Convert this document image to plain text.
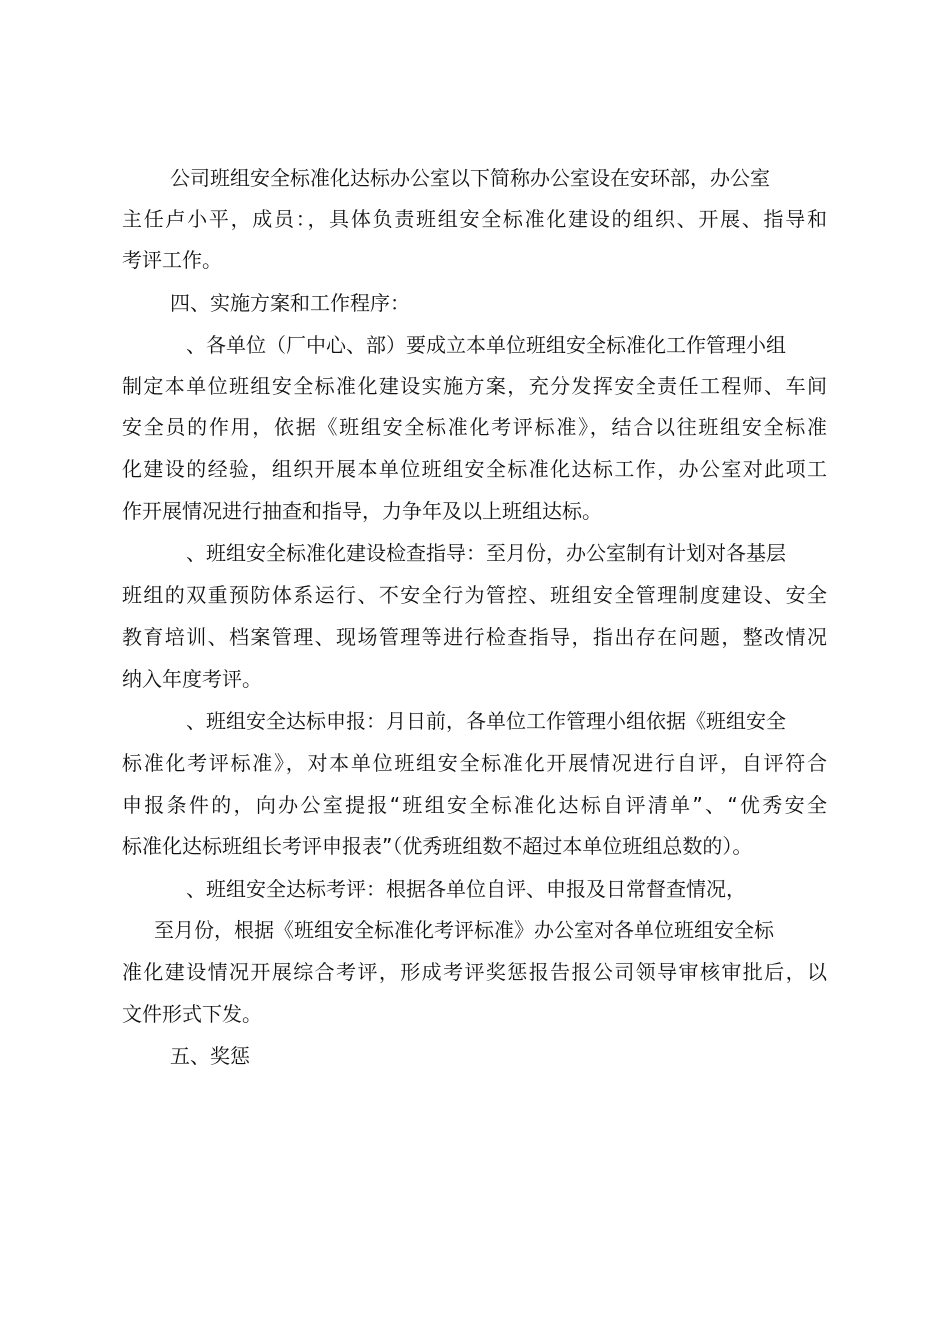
公司班组安全标准化达标办公室以下简称办公室设在安环部，办公室
主任卢小平，成员：，具体负责班组安全标准化建设的组织、开展、指导和
考评工作。
四、实施方案和工作程序：
、各单位（厂中心、部）要成立本单位班组安全标准化工作管理小组
制定本单位班组安全标准化建设实施方案，充分发挥安全责任工程师、车间
安全员的作用，依据《班组安全标准化考评标准》，结合以往班组安全标准
化建设的经验，组织开展本单位班组安全标准化达标工作，办公室对此项工
作开展情况进行抽查和指导，力争年及以上班组达标。
、班组安全标准化建设检查指导：至月份，办公室制有计划对各基层
班组的双重预防体系运行、不安全行为管控、班组安全管理制度建设、安全
教育培训、档案管理、现场管理等进行检查指导，指出存在问题，整改情况
纳入年度考评。
、班组安全达标申报：月日前，各单位工作管理小组依据《班组安全
标准化考评标准》，对本单位班组安全标准化开展情况进行自评，自评符合
申报条件的，向办公室提报“班组安全标准化达标自评清单”、“优秀安全
标准化达标班组长考评申报表”（优秀班组数不超过本单位班组总数的）。
、班组安全达标考评：根据各单位自评、申报及日常督查情况，
至月份，根据《班组安全标准化考评标准》办公室对各单位班组安全标
准化建设情况开展综合考评，形成考评奖惩报告报公司领导审核审批后，以
文件形式下发。
五、奖惩
